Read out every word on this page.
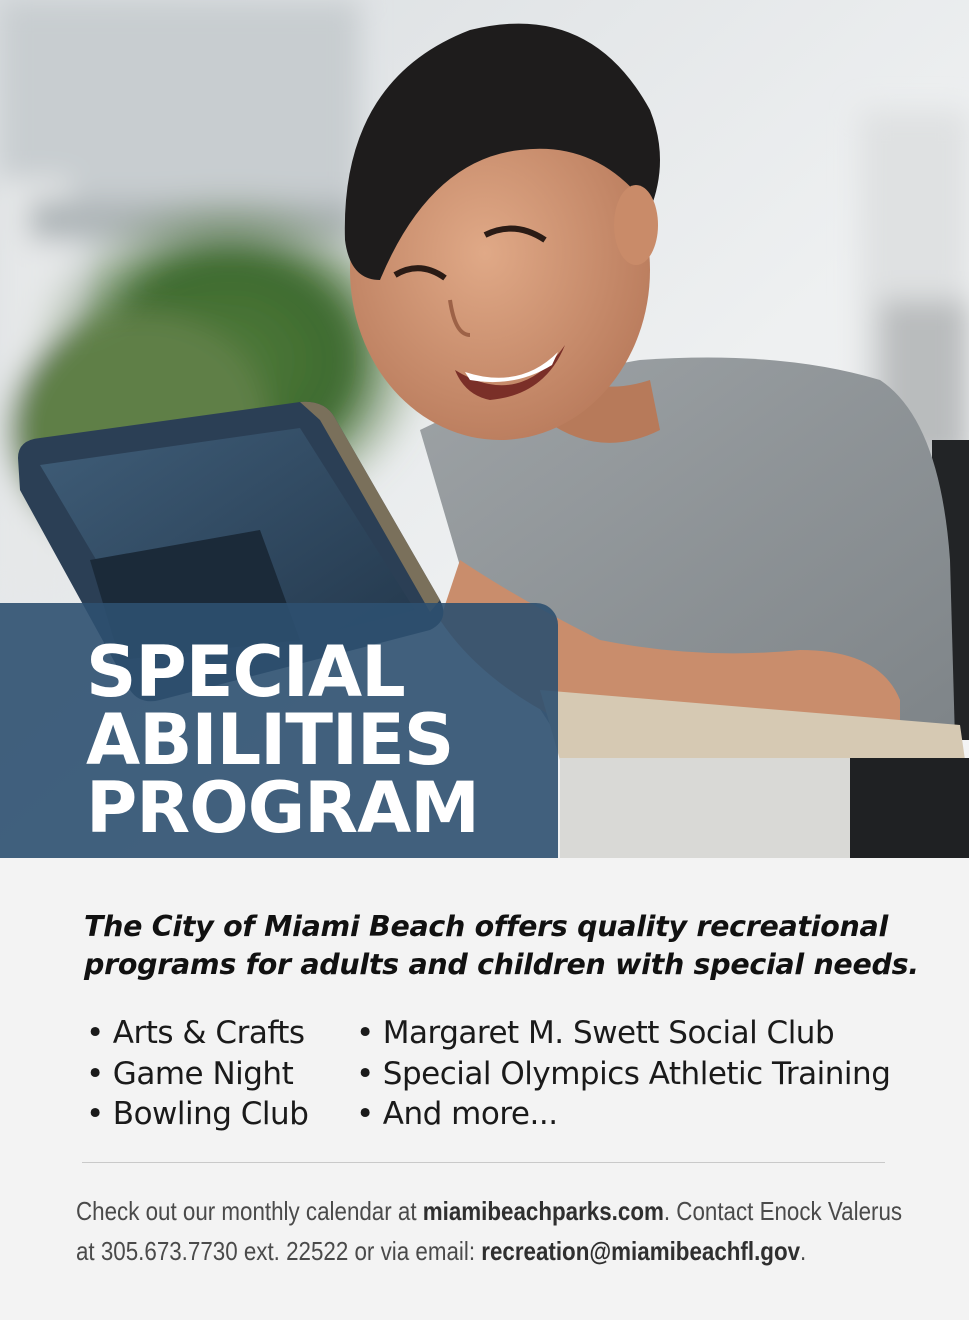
SPECIAL
ABILITIES
PROGRAM
The City of Miami Beach offers quality recreational
programs for adults and children with special needs.
• Arts & Crafts
• Game Night
• Bowling Club
• Margaret M. Swett Social Club
• Special Olympics Athletic Training
• And more...
Check out our monthly calendar at miamibeachparks.com. Contact Enock Valerus
at 305.673.7730 ext. 22522 or via email: recreation@miamibeachfl.gov.
